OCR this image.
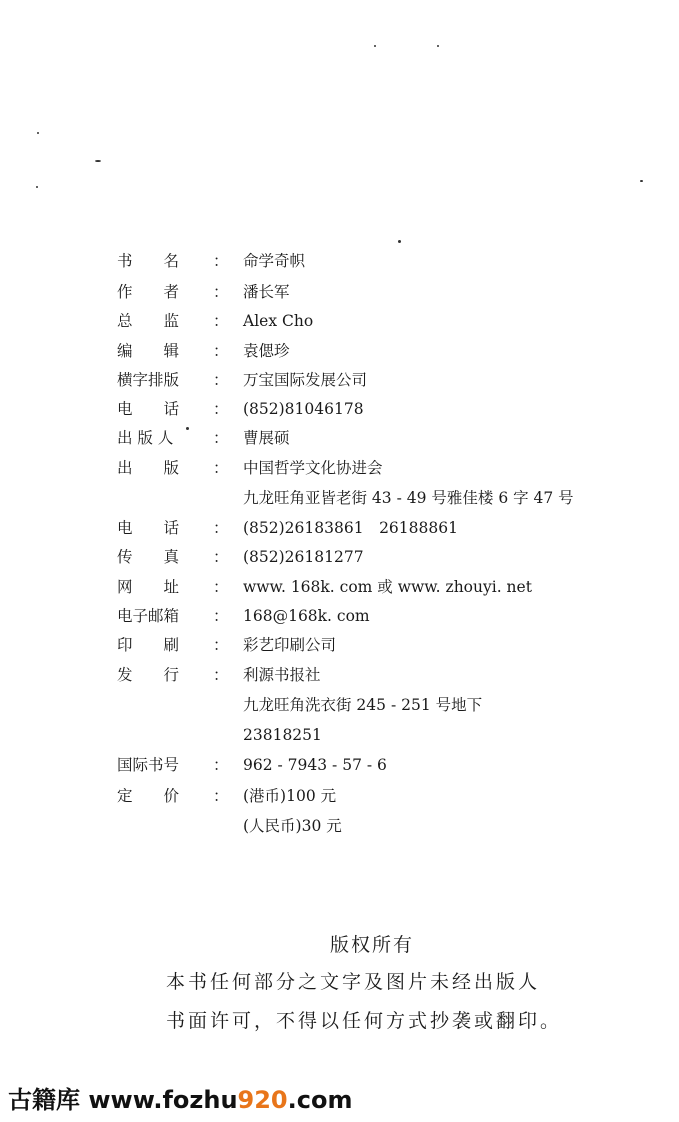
书　　名	： 命学奇帜
作　　者	： 潘长军
总　　监	： Alex Cho
编　　辑	： 袁偲珍
横字排版	： 万宝国际发展公司
电　　话	： (852)81046178
出 版 人	： 曹展硕
出　　版	： 中国哲学文化协进会
九龙旺角亚皆老街 43 - 49 号雅佳楼 6 字 47 号
电　　话	： (852)26183861　26188861
传　　真	： (852)26181277
网　　址	： www. 168k. com 或 www. zhouyi. net
电子邮箱	： 168@168k. com
印　　刷	： 彩艺印刷公司
发　　行	： 利源书报社
九龙旺角洗衣街 245 - 251 号地下
23818251
国际书号	： 962 - 7943 - 57 - 6
定　　价	： (港币)100 元
(人民币)30 元
版权所有
本书任何部分之文字及图片未经出版人
书面许可，不得以任何方式抄袭或翻印。
古籍库 www.fozhu920.com
